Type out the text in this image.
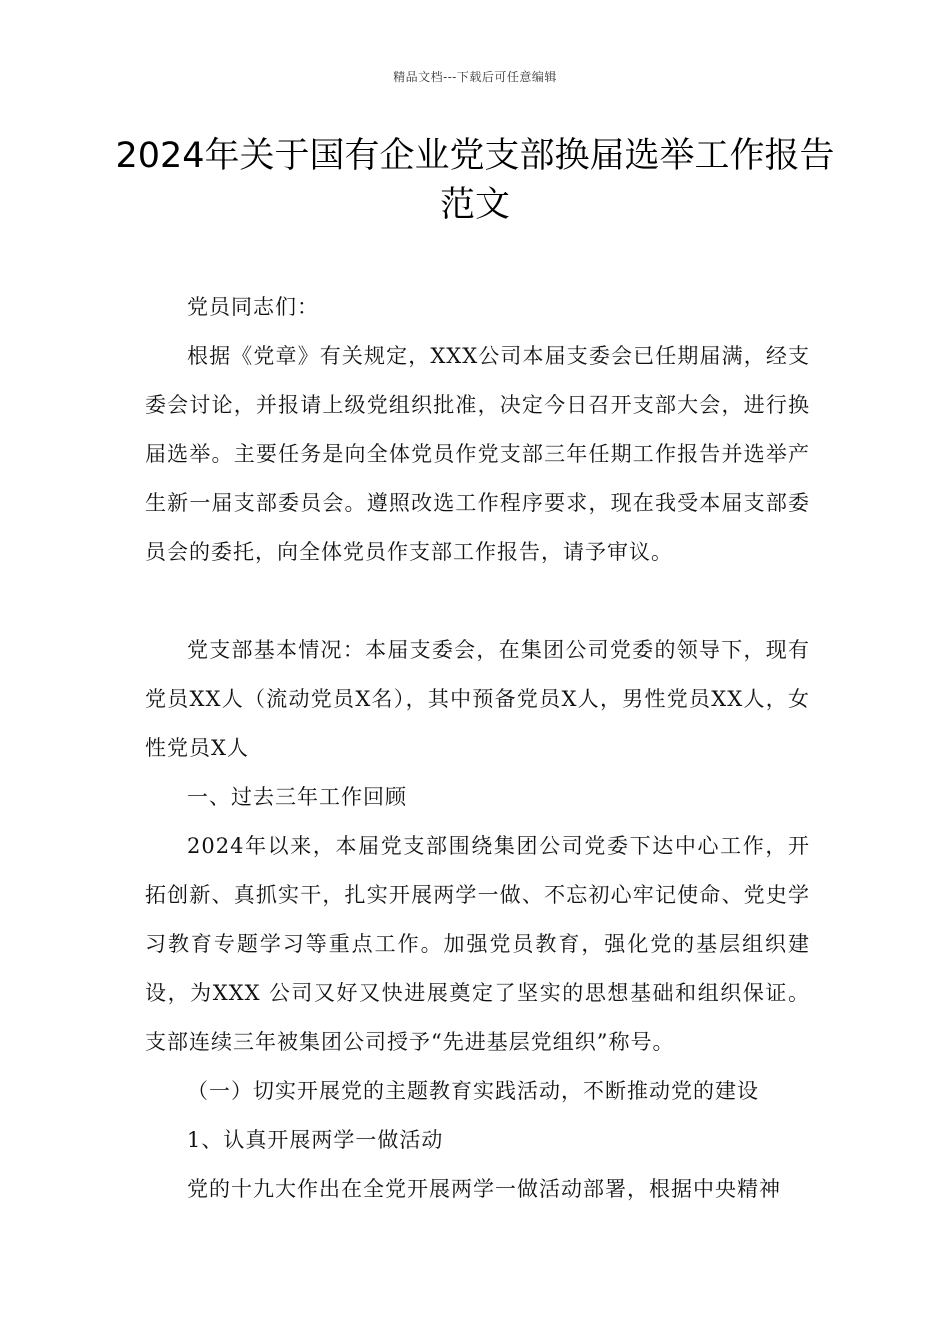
精品文档---下载后可任意编辑
2024年关于国有企业党支部换届选举工作报告范文

党员同志们：

根据《党章》有关规定，XXX公司本届支委会已任期届满，经支委会讨论，并报请上级党组织批准，决定今日召开支部大会，进行换届选举。主要任务是向全体党员作党支部三年任期工作报告并选举产生新一届支部委员会。遵照改选工作程序要求，现在我受本届支部委员会的委托，向全体党员作支部工作报告，请予审议。

党支部基本情况：本届支委会，在集团公司党委的领导下，现有党员XX人（流动党员X名），其中预备党员X人，男性党员XX人，女性党员X人

一、过去三年工作回顾

2024年以来，本届党支部围绕集团公司党委下达中心工作，开拓创新、真抓实干，扎实开展两学一做、不忘初心牢记使命、党史学习教育专题学习等重点工作。加强党员教育，强化党的基层组织建设，为XXX 公司又好又快进展奠定了坚实的思想基础和组织保证。支部连续三年被集团公司授予“先进基层党组织”称号。

（一）切实开展党的主题教育实践活动，不断推动党的建设

1、认真开展两学一做活动

党的十九大作出在全党开展两学一做活动部署，根据中央精神
